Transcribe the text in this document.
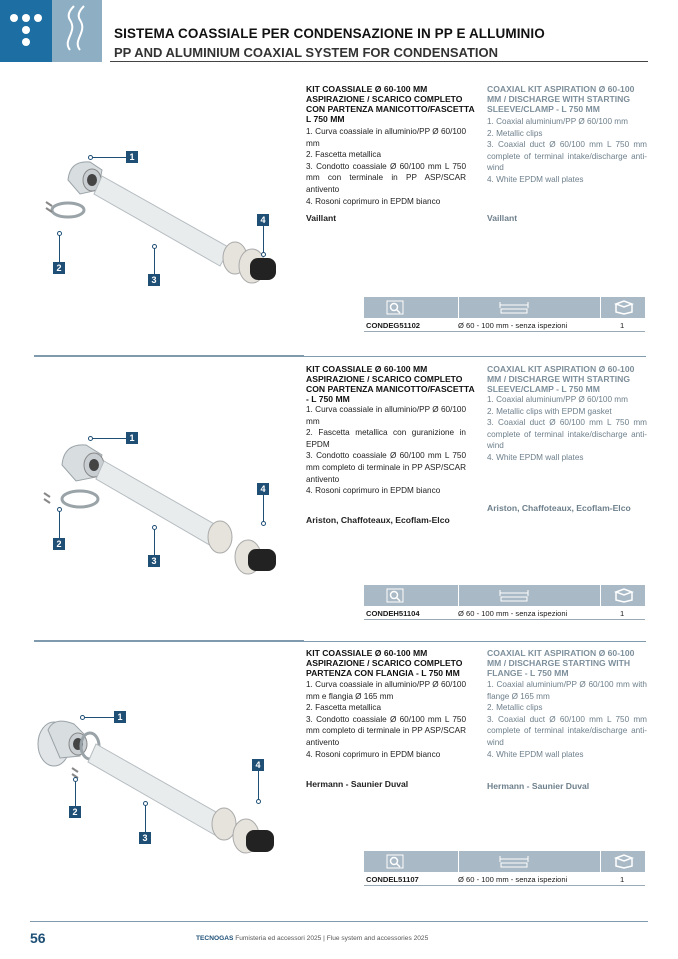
SISTEMA COASSIALE PER CONDENSAZIONE IN PP E ALLUMINIO
PP AND ALUMINIUM COAXIAL SYSTEM FOR CONDENSATION
1
2
3
4
KIT COASSIALE Ø 60-100 MM ASPIRAZIONE / SCARICO COMPLETO CON PARTENZA MANICOTTO/FASCETTA L 750 MM
1. Curva coassiale in alluminio/PP Ø 60/100 mm
2. Fascetta metallica
3. Condotto coassiale Ø 60/100 mm L 750 mm con terminale in PP ASP/SCAR antivento
4. Rosoni coprimuro in EPDM bianco
Vaillant
COAXIAL KIT ASPIRATION Ø 60-100 MM / DISCHARGE WITH STARTING SLEEVE/CLAMP - L 750 MM
1. Coaxial aluminium/PP Ø 60/100 mm
2. Metallic clips
3. Coaxial duct Ø 60/100 mm L 750 mm complete of terminal intake/discharge anti-wind
4. White EPDM wall plates
Vaillant
CONDEG51102	Ø 60 - 100 mm - senza ispezioni	1
1
2
3
4
KIT COASSIALE Ø 60-100 MM ASPIRAZIONE / SCARICO COMPLETO CON PARTENZA MANICOTTO/FASCETTA - L 750 MM
1. Curva coassiale in alluminio/PP Ø 60/100 mm
2. Fascetta metallica con guranizione in EPDM
3. Condotto coassiale Ø 60/100 mm L 750 mm completo di terminale in PP ASP/SCAR antivento
4. Rosoni coprimuro in EPDM bianco
Ariston, Chaffoteaux, Ecoflam-Elco
COAXIAL KIT ASPIRATION Ø 60-100 MM / DISCHARGE WITH STARTING SLEEVE/CLAMP - L 750 MM
1. Coaxial aluminium/PP Ø 60/100 mm
2. Metallic clips with EPDM gasket
3. Coaxial duct Ø 60/100 mm L 750 mm complete of terminal intake/discharge anti-wind
4. White EPDM wall plates
Ariston, Chaffoteaux, Ecoflam-Elco
CONDEH51104	Ø 60 - 100 mm - senza ispezioni	1
1
2
3
4
KIT COASSIALE Ø 60-100 MM ASPIRAZIONE / SCARICO COMPLETO PARTENZA CON FLANGIA - L 750 MM
1. Curva coassiale in alluminio/PP Ø 60/100 mm e flangia Ø 165 mm
2. Fascetta metallica
3. Condotto coassiale Ø 60/100 mm L 750 mm completo di terminale in PP ASP/SCAR antivento
4. Rosoni coprimuro in EPDM bianco
Hermann - Saunier Duval
COAXIAL KIT ASPIRATION Ø 60-100 MM / DISCHARGE STARTING WITH FLANGE - L 750 MM
1. Coaxial aluminium/PP Ø 60/100 mm with flange Ø 165 mm
2. Metallic clips
3. Coaxial duct Ø 60/100 mm L 750 mm complete of terminal intake/discharge anti-wind
4. White EPDM wall plates
Hermann - Saunier Duval
CONDEL51107	Ø 60 - 100 mm - senza ispezioni	1
56	TECNOGAS Fumisteria ed accessori 2025 | Flue system and accessories 2025
